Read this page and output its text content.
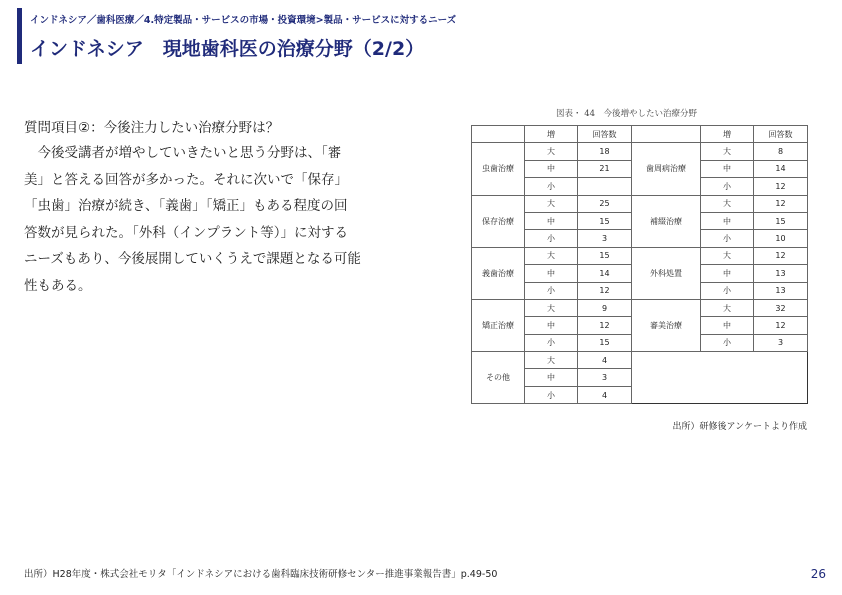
インドネシア／歯科医療／4.特定製品・サービスの市場・投資環境>製品・サービスに対するニーズ
インドネシア　現地歯科医の治療分野（2/2）
質問項目②：今後注力したい治療分野は？
　今後受講者が増やしていきたいと思う分野は、「審
美」と答える回答が多かった。それに次いで「保存」
「虫歯」治療が続き、「義歯」「矯正」もある程度の回
答数が見られた。「外科（インプラント等）」に対する
ニーズもあり、今後展開していくうえで課題となる可能
性もある。
図表・ 44　今後増やしたい治療分野
	増	回答数		増	回答数
虫歯治療	大	18	歯周病治療	大	8
	中	21		中	14
	小			小	12
保存治療	大	25	補綴治療	大	12
	中	15		中	15
	小	3		小	10
義歯治療	大	15	外科処置	大	12
	中	14		中	13
	小	12		小	13
矯正治療	大	9	審美治療	大	32
	中	12		中	12
	小	15		小	3
その他	大	4			
	中	3			
	小	4			
出所）研修後アンケートより作成
出所）H28年度・株式会社モリタ「インドネシアにおける歯科臨床技術研修センター推進事業報告書」p.49-50	26
